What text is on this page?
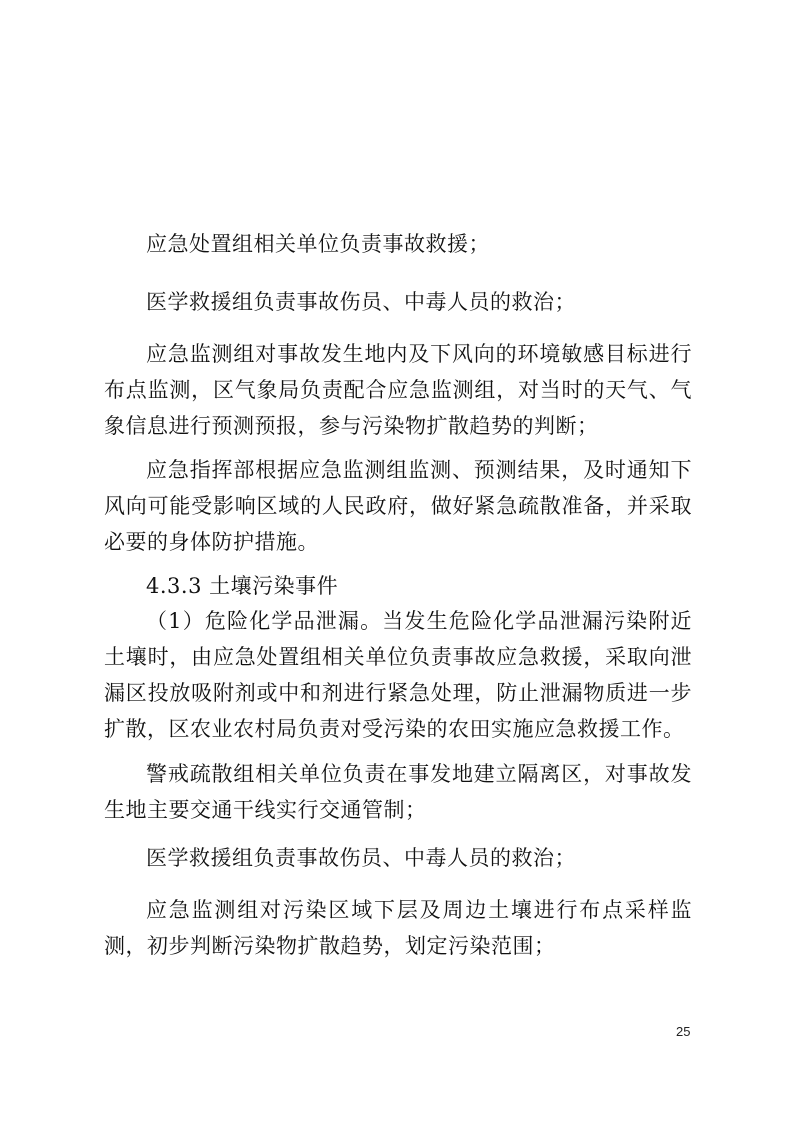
应急处置组相关单位负责事故救援；

医学救援组负责事故伤员、中毒人员的救治；

应急监测组对事故发生地内及下风向的环境敏感目标进行布点监测，区气象局负责配合应急监测组，对当时的天气、气象信息进行预测预报，参与污染物扩散趋势的判断；

应急指挥部根据应急监测组监测、预测结果，及时通知下风向可能受影响区域的人民政府，做好紧急疏散准备，并采取必要的身体防护措施。

4.3.3 土壤污染事件

（1）危险化学品泄漏。当发生危险化学品泄漏污染附近土壤时，由应急处置组相关单位负责事故应急救援，采取向泄漏区投放吸附剂或中和剂进行紧急处理，防止泄漏物质进一步扩散，区农业农村局负责对受污染的农田实施应急救援工作。

警戒疏散组相关单位负责在事发地建立隔离区，对事故发生地主要交通干线实行交通管制；

医学救援组负责事故伤员、中毒人员的救治；

应急监测组对污染区域下层及周边土壤进行布点采样监测，初步判断污染物扩散趋势，划定污染范围；

25
